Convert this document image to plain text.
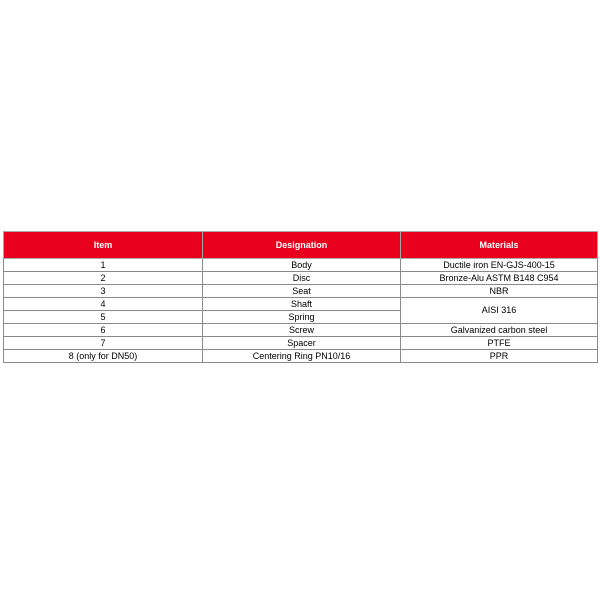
Item	Designation	Materials
1	Body	Ductile iron EN-GJS-400-15
2	Disc	Bronze-Alu ASTM B148 C954
3	Seat	NBR
4	Shaft	AISI 316
5	Spring	
6	Screw	Galvanized carbon steel
7	Spacer	PTFE
8 (only for DN50)	Centering Ring PN10/16	PPR
